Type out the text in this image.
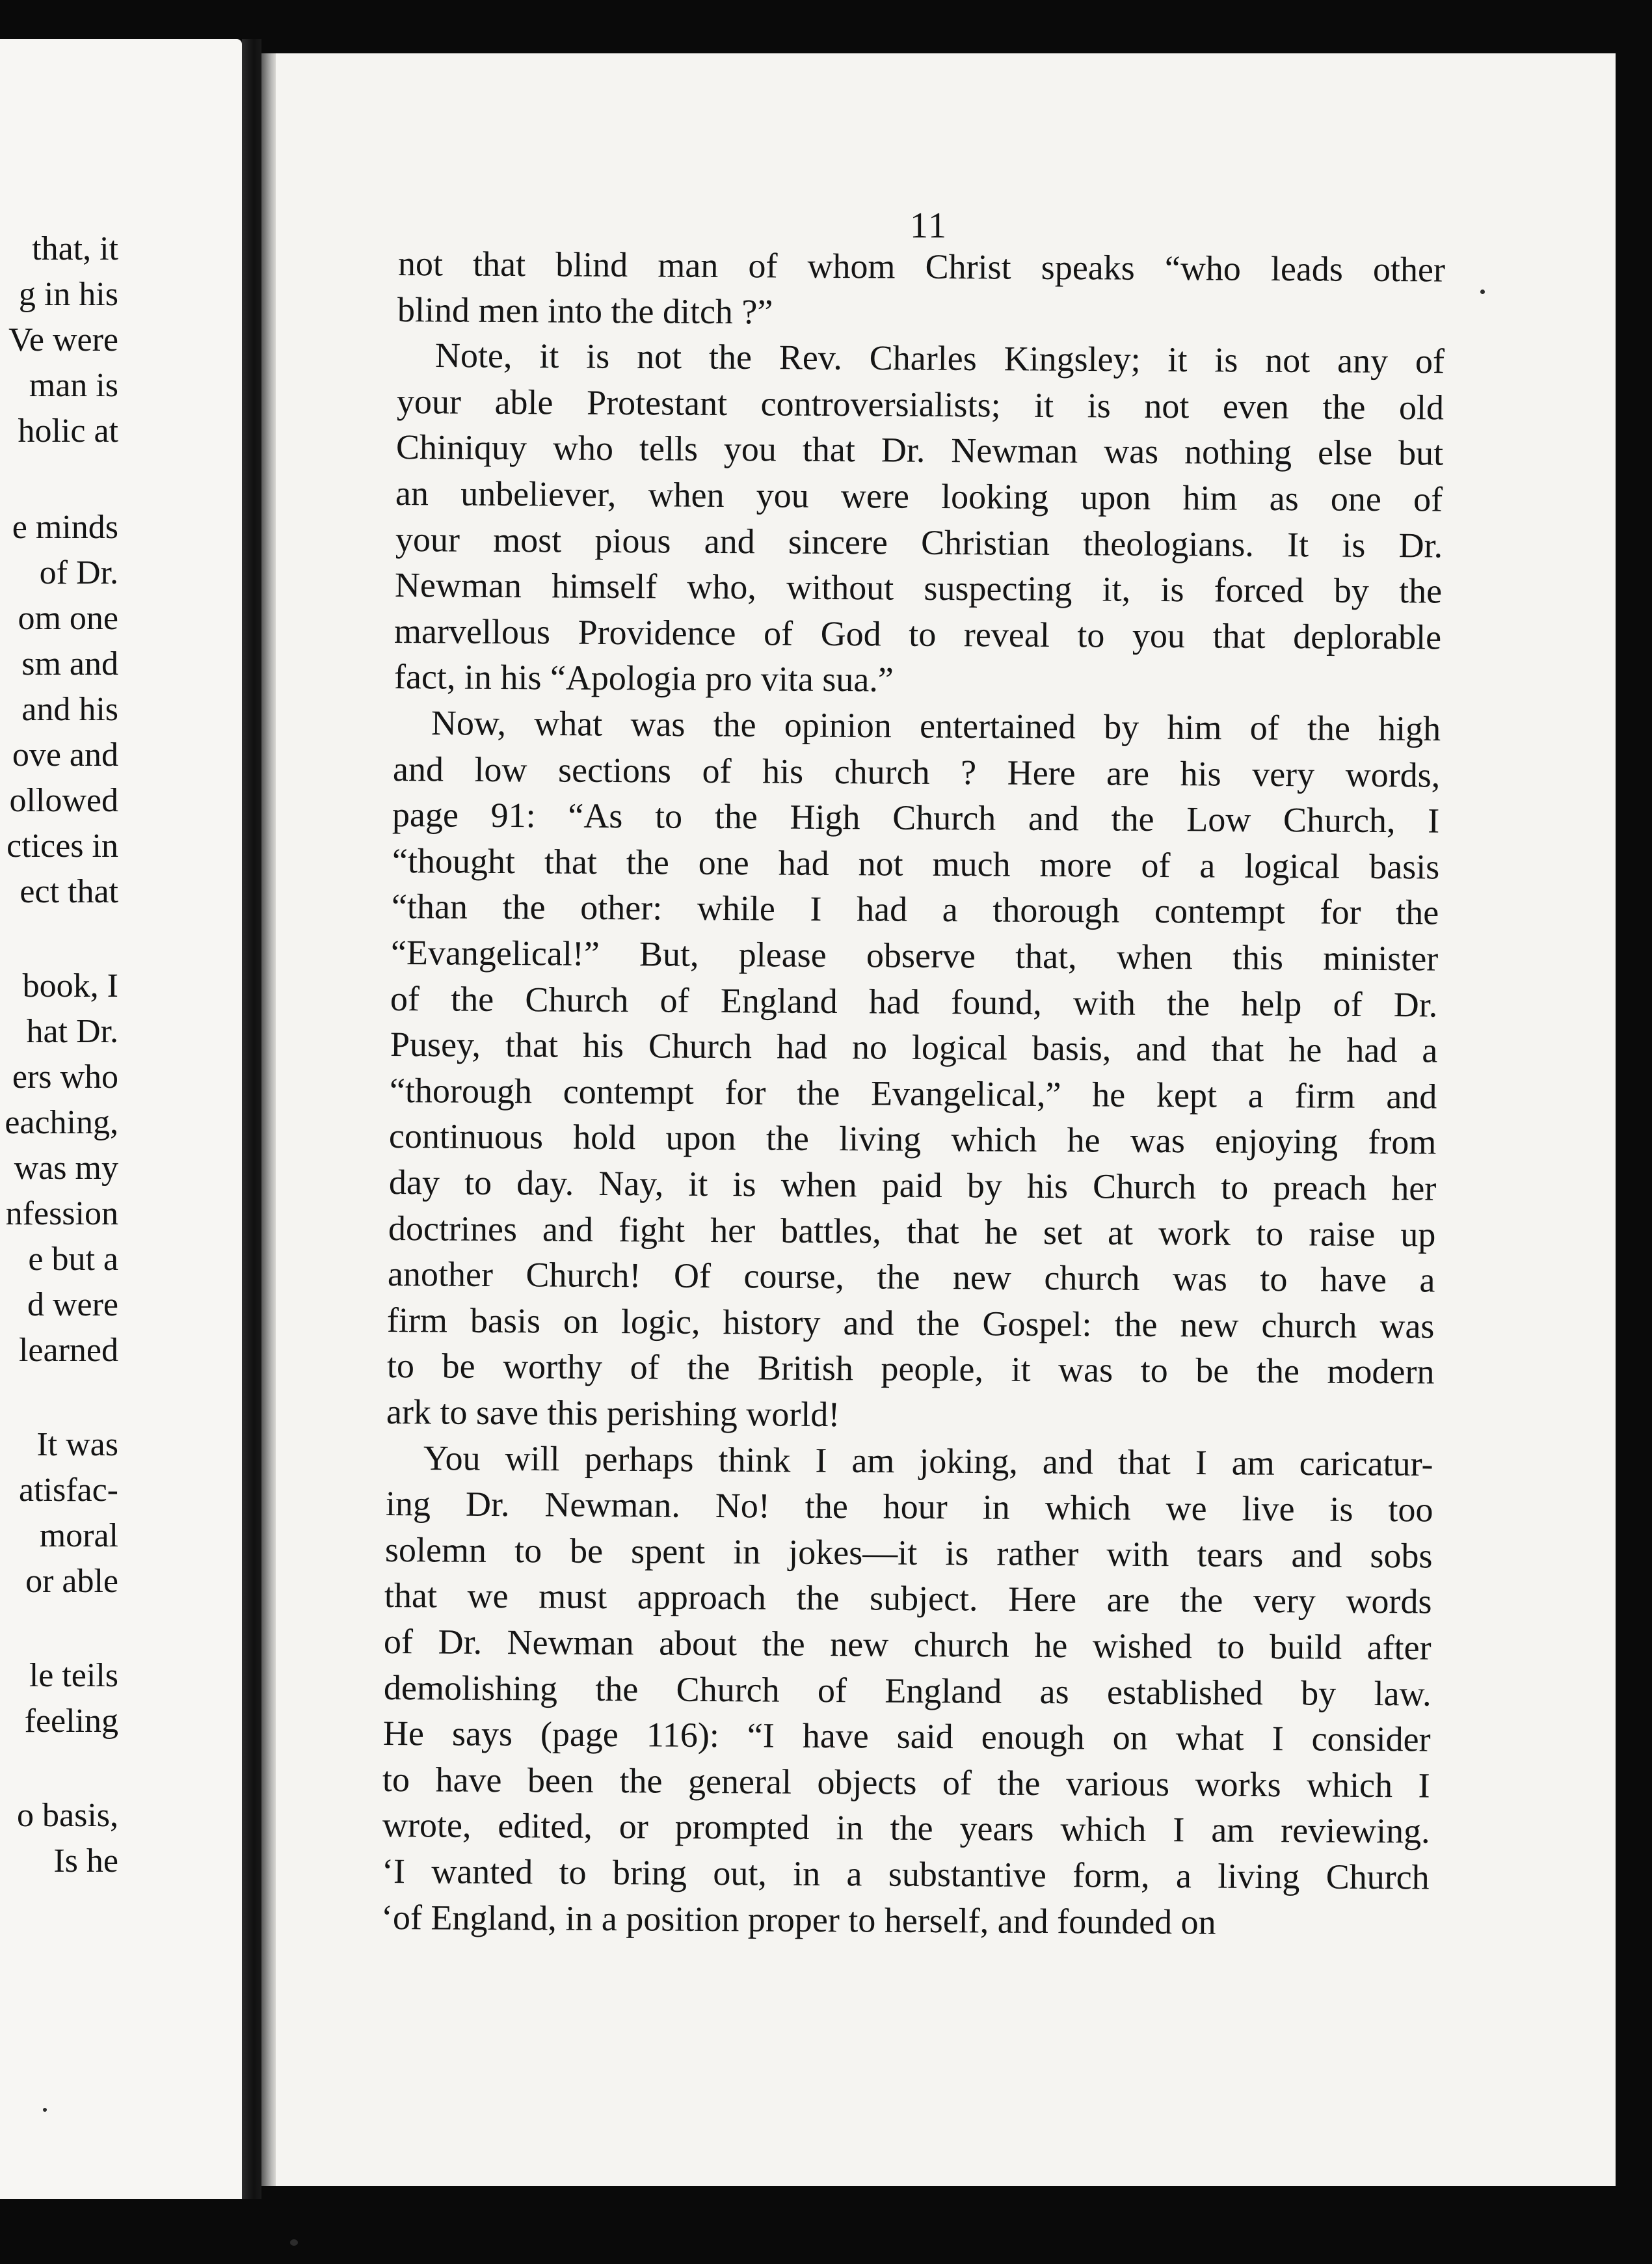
that, it
g in his
Ve were
man is
holic at
e minds
of Dr.
om one
sm and
and his
ove and
ollowed
ctices in
ect that
book, I
hat Dr.
ers who
eaching,
was my
nfession
e but a
d were
learned
It was
atisfac-
moral
or able
le teils
feeling
o basis,
Is he
11
not that blind man of whom Christ speaks “who leads other
blind men into the ditch ?”
Note, it is not the Rev. Charles Kingsley; it is not any of
your able Protestant controversialists; it is not even the old
Chiniquy who tells you that Dr. Newman was nothing else but
an unbeliever, when you were looking upon him as one of
your most pious and sincere Christian theologians. It is Dr.
Newman himself who, without suspecting it, is forced by the
marvellous Providence of God to reveal to you that deplorable
fact, in his “Apologia pro vita sua.”
Now, what was the opinion entertained by him of the high
and low sections of his church ? Here are his very words,
page 91: “As to the High Church and the Low Church, I
“thought that the one had not much more of a logical basis
“than the other: while I had a thorough contempt for the
“Evangelical!” But, please observe that, when this minister
of the Church of England had found, with the help of Dr.
Pusey, that his Church had no logical basis, and that he had a
“thorough contempt for the Evangelical,” he kept a firm and
continuous hold upon the living which he was enjoying from
day to day. Nay, it is when paid by his Church to preach her
doctrines and fight her battles, that he set at work to raise up
another Church! Of course, the new church was to have a
firm basis on logic, history and the Gospel: the new church was
to be worthy of the British people, it was to be the modern
ark to save this perishing world!
You will perhaps think I am joking, and that I am caricatur-
ing Dr. Newman. No! the hour in which we live is too
solemn to be spent in jokes—it is rather with tears and sobs
that we must approach the subject. Here are the very words
of Dr. Newman about the new church he wished to build after
demolishing the Church of England as established by law.
He says (page 116): “I have said enough on what I consider
to have been the general objects of the various works which I
wrote, edited, or prompted in the years which I am reviewing.
‘I wanted to bring out, in a substantive form, a living Church
‘of England, in a position proper to herself, and founded on
